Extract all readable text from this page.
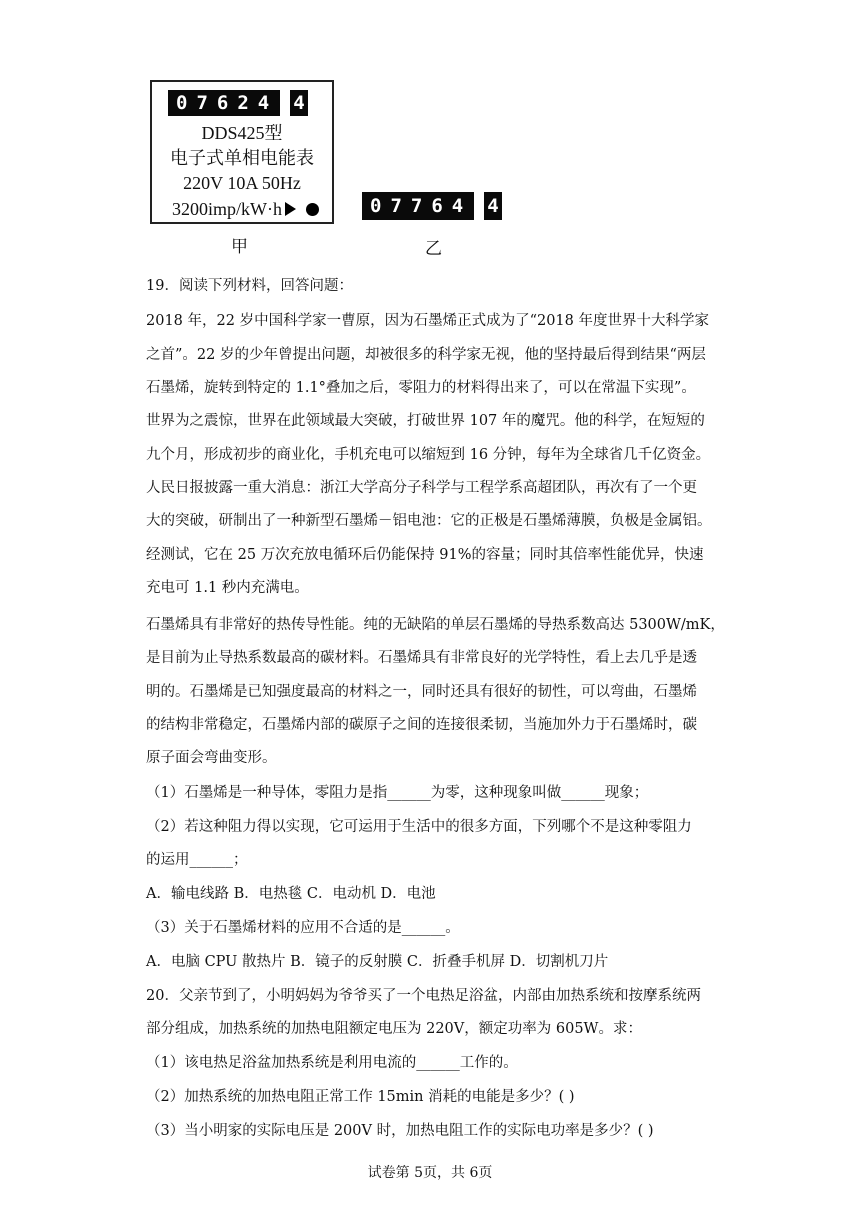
07624 4
DDS425型
电子式单相电能表
220V 10A 50Hz
3200imp/kW·h
甲
07764 4
乙
19．阅读下列材料，回答问题：
2018 年，22 岁中国科学家一曹原，因为石墨烯正式成为了“2018 年度世界十大科学家
之首”。22 岁的少年曾提出问题，却被很多的科学家无视，他的坚持最后得到结果“两层
石墨烯，旋转到特定的 1.1°叠加之后，零阻力的材料得出来了，可以在常温下实现”。
世界为之震惊，世界在此领域最大突破，打破世界 107 年的魔咒。他的科学，在短短的
九个月，形成初步的商业化，手机充电可以缩短到 16 分钟，每年为全球省几千亿资金。
人民日报披露一重大消息：浙江大学高分子科学与工程学系高超团队，再次有了一个更
大的突破，研制出了一种新型石墨烯－铝电池：它的正极是石墨烯薄膜，负极是金属铝。
经测试，它在 25 万次充放电循环后仍能保持 91%的容量；同时其倍率性能优异，快速
充电可 1.1 秒内充满电。
石墨烯具有非常好的热传导性能。纯的无缺陷的单层石墨烯的导热系数高达 5300W/mK，
是目前为止导热系数最高的碳材料。石墨烯具有非常良好的光学特性，看上去几乎是透
明的。石墨烯是已知强度最高的材料之一，同时还具有很好的韧性，可以弯曲，石墨烯
的结构非常稳定，石墨烯内部的碳原子之间的连接很柔韧，当施加外力于石墨烯时，碳
原子面会弯曲变形。
（1）石墨烯是一种导体，零阻力是指______为零，这种现象叫做______现象；
（2）若这种阻力得以实现，它可运用于生活中的很多方面，下列哪个不是这种零阻力
的运用______；
A．输电线路 B．电热毯 C．电动机 D．电池
（3）关于石墨烯材料的应用不合适的是______。
A．电脑 CPU 散热片 B．镜子的反射膜 C．折叠手机屏 D．切割机刀片
20．父亲节到了，小明妈妈为爷爷买了一个电热足浴盆，内部由加热系统和按摩系统两
部分组成，加热系统的加热电阻额定电压为 220V，额定功率为 605W。求：
（1）该电热足浴盆加热系统是利用电流的______工作的。
（2）加热系统的加热电阻正常工作 15min 消耗的电能是多少？( )
（3）当小明家的实际电压是 200V 时，加热电阻工作的实际电功率是多少？( )
试卷第 5页，共 6页
